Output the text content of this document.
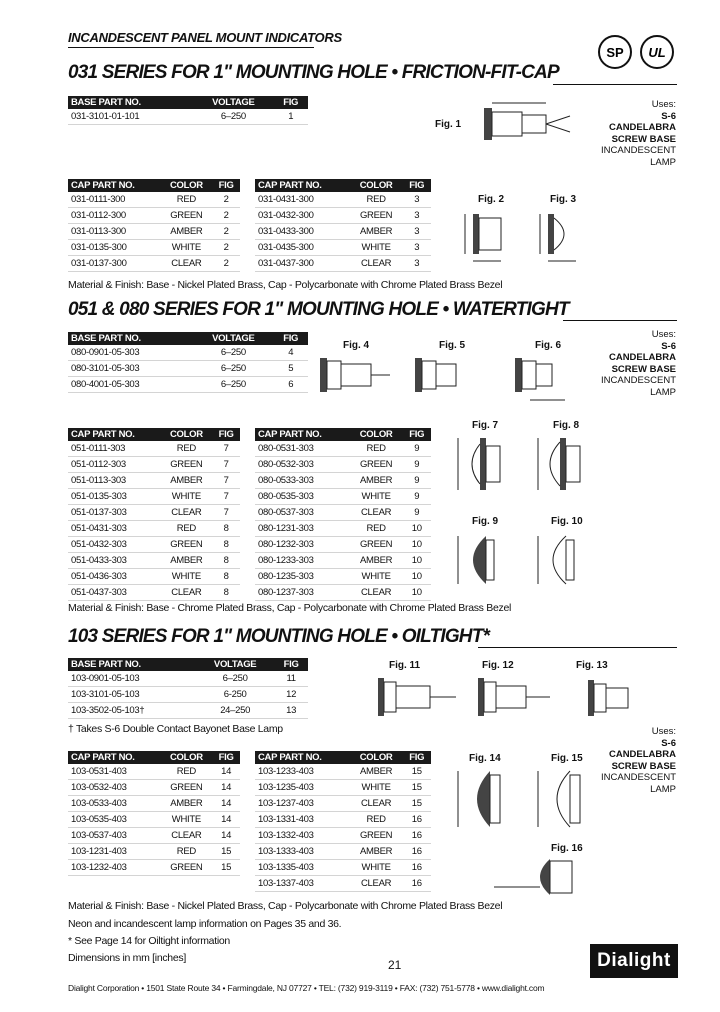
INCANDESCENT PANEL MOUNT INDICATORS
SP UL
031 SERIES FOR 1" MOUNTING HOLE • FRICTION-FIT-CAP
BASE PART NO.	VOLTAGE	FIG
031-3101-01-101	6–250	1
CAP PART NO.	COLOR	FIG
031-0111-300	RED	2
031-0112-300	GREEN	2
031-0113-300	AMBER	2
031-0135-300	WHITE	2
031-0137-300	CLEAR	2
CAP PART NO.	COLOR	FIG
031-0431-300	RED	3
031-0432-300	GREEN	3
031-0433-300	AMBER	3
031-0435-300	WHITE	3
031-0437-300	CLEAR	3
Material & Finish: Base - Nickel Plated Brass, Cap - Polycarbonate with Chrome Plated Brass Bezel
Fig. 1
Uses:
S-6
CANDELABRA
SCREW BASE
INCANDESCENT
LAMP
Fig. 2	Fig. 3
051 & 080 SERIES FOR 1" MOUNTING HOLE • WATERTIGHT
BASE PART NO.	VOLTAGE	FIG
080-0901-05-303	6–250	4
080-3101-05-303	6–250	5
080-4001-05-303	6–250	6
CAP PART NO.	COLOR	FIG
051-0111-303	RED	7
051-0112-303	GREEN	7
051-0113-303	AMBER	7
051-0135-303	WHITE	7
051-0137-303	CLEAR	7
051-0431-303	RED	8
051-0432-303	GREEN	8
051-0433-303	AMBER	8
051-0436-303	WHITE	8
051-0437-303	CLEAR	8
CAP PART NO.	COLOR	FIG
080-0531-303	RED	9
080-0532-303	GREEN	9
080-0533-303	AMBER	9
080-0535-303	WHITE	9
080-0537-303	CLEAR	9
080-1231-303	RED	10
080-1232-303	GREEN	10
080-1233-303	AMBER	10
080-1235-303	WHITE	10
080-1237-303	CLEAR	10
Material & Finish: Base - Chrome Plated Brass, Cap - Polycarbonate with Chrome Plated Brass Bezel
Fig. 4	Fig. 5	Fig. 6
Uses:
S-6
CANDELABRA
SCREW BASE
INCANDESCENT
LAMP
Fig. 7	Fig. 8
Fig. 9	Fig. 10
103 SERIES FOR 1" MOUNTING HOLE • OILTIGHT*
BASE PART NO.	VOLTAGE	FIG
103-0901-05-103	6–250	11
103-3101-05-103	6-250	12
103-3502-05-103†	24–250	13
† Takes S-6 Double Contact Bayonet Base Lamp
CAP PART NO.	COLOR	FIG
103-0531-403	RED	14
103-0532-403	GREEN	14
103-0533-403	AMBER	14
103-0535-403	WHITE	14
103-0537-403	CLEAR	14
103-1231-403	RED	15
103-1232-403	GREEN	15
CAP PART NO.	COLOR	FIG
103-1233-403	AMBER	15
103-1235-403	WHITE	15
103-1237-403	CLEAR	15
103-1331-403	RED	16
103-1332-403	GREEN	16
103-1333-403	AMBER	16
103-1335-403	WHITE	16
103-1337-403	CLEAR	16
Material & Finish: Base - Nickel Plated Brass, Cap - Polycarbonate with Chrome Plated Brass Bezel
Neon and incandescent lamp information on Pages 35 and 36.
* See Page 14 for Oiltight information
Dimensions in mm [inches]
Fig. 11	Fig. 12	Fig. 13
Uses:
S-6
CANDELABRA
SCREW BASE
INCANDESCENT
LAMP
Fig. 14	Fig. 15
Fig. 16
21	Dialight
Dialight Corporation • 1501 State Route 34 • Farmingdale, NJ 07727 • TEL: (732) 919-3119 • FAX: (732) 751-5778 • www.dialight.com
